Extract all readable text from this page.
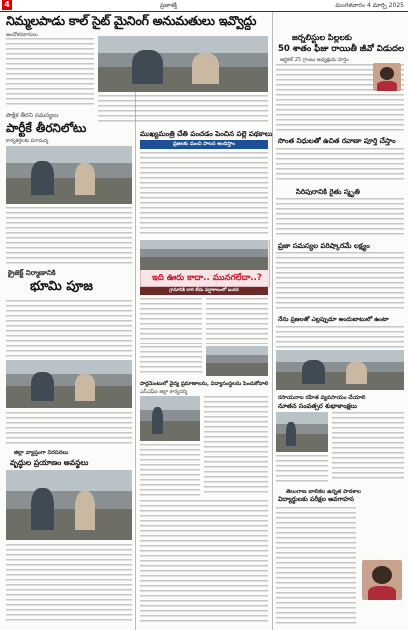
4	ప్రజాశక్తి	మంగళవారం 4 మార్చి 2025
నిమ్మలపాడు కాల్ సైట్ మైనింగ్ అనుమతులు ఇవ్వొద్దు
ఆందోళనకారులు	జర్నలిస్టుల పిల్లలకు
50 శాతం ఫీజు రాయితీ జీవో విడుదల
ఆర్టికల్ 25 గ్రాంటు అధ్యక్షుడు హర్షం
పాక్షిక తీరని సమస్యలు
పార్టీకే తీరనిలోటు
కార్యకర్తలకు పరామర్శ
ముఖ్యమంత్రి చేతి పంచడం పెంచిన పల్లె పథకాలు
ప్రజలకు మంచి పాలన అందిస్తాం	సొంత నిధులతో ఉచిత రవాణా పూర్తి చేస్తాం
సిరిపురానికి రైతు స్మృతి
ప్రజా సమస్యల పరిష్కారమే లక్ష్యం
క్రైజెక్ట్ నిర్మాణానికి
భూమి పూజ
ఇది ఊరు కాదా.. మునగలేదా..?
గ్రామానికి దారి లేదు వర్షాకాలంలో బురద
నేను ప్రజలతో ఎల్లప్పుడూ అందుబాటులో ఉంటా
పార్లమెంటులో వైద్య ప్రమాణాలను, విద్యాసంస్థలను పెంచుకోవాలి
ఎస్‌ఎఫ్‌ఐ జిల్లా కార్యదర్శి
రసాయనాల రహిత వ్యవసాయం చేయాలి
నూతన సంవత్సర శుభాకాంక్షలు
జిల్లా వ్యాప్తంగా నిరసనలు
వృద్ధుల ప్రయాణం అవస్థలు
తెలంగాణ బాలికల ఉన్నత పాఠశాల
విద్యార్థులకు పరీక్షల అవగాహన
